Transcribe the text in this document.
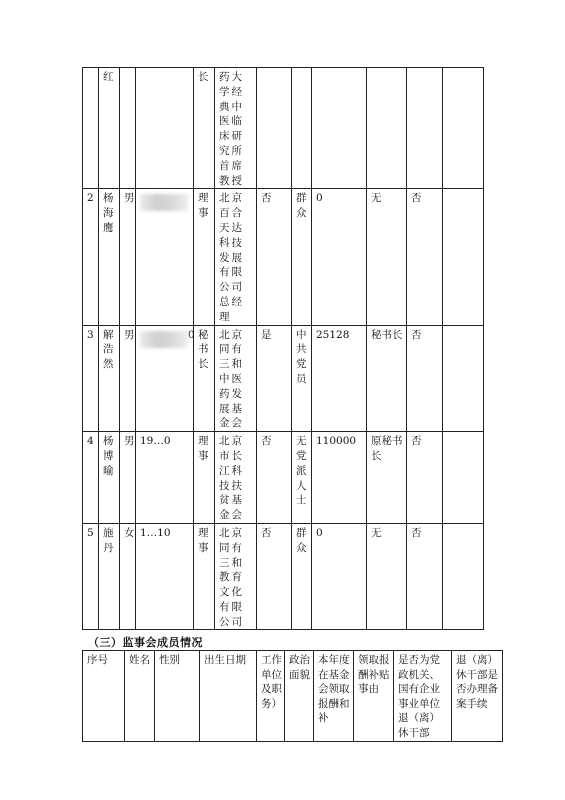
	红			长	药大学经典中医临床研究所首席教授						
2	杨海鹰	男		理事	北京百合天达科技发展有限公司总经理	否	群众	0	无	否	
3	解浩然	男	0	秘书长	北京同有三和中医药发展基金会	是	中共党员	25128	秘书长	否	
4	杨博喻	男	19…0	理事	北京市长江科技扶贫基金会	否	无党派人士	110000	原秘书长	否	
5	施丹	女	1…10	理事	北京同有三和教育文化有限公司	否	群众	0	无	否	
（三）监事会成员情况
序号	姓名	性别	出生日期	工作单位及职务）	政治面貌	本年度在基金会领取报酬和补	领取报酬补贴事由	是否为党政机关、国有企业事业单位退（离）休干部	退（离）休干部是否办理备案手续
